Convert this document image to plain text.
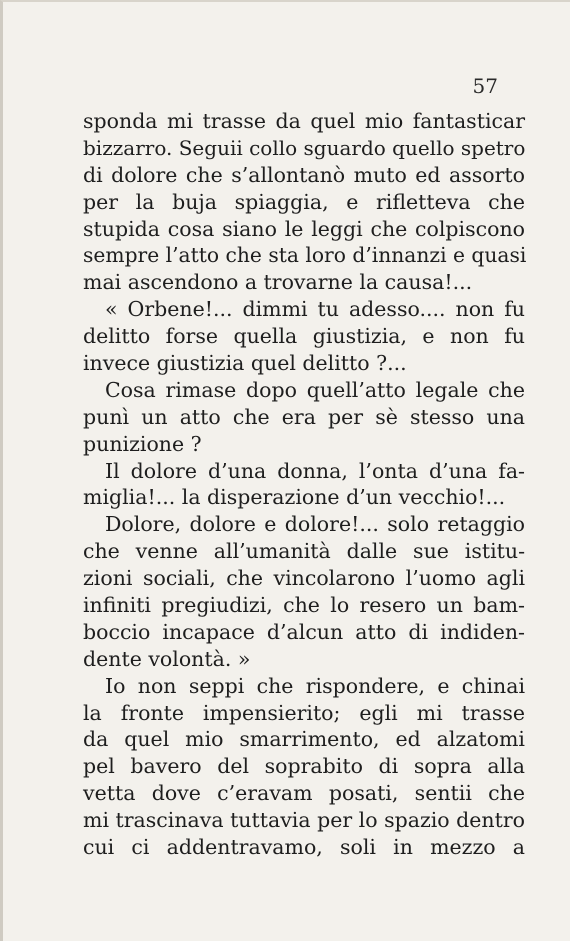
57
sponda mi trasse da quel mio fantasticar
bizzarro. Seguii collo sguardo quello spetro
di dolore che s’allontanò muto ed assorto
per la buja spiaggia, e rifletteva che
stupida cosa siano le leggi che colpiscono
sempre l’atto che sta loro d’innanzi e quasi
mai ascendono a trovarne la causa!...
« Orbene!... dimmi tu adesso.... non fu
delitto forse quella giustizia, e non fu
invece giustizia quel delitto ?...
Cosa rimase dopo quell’atto legale che
punì un atto che era per sè stesso una
punizione ?
Il dolore d’una donna, l’onta d’una fa-
miglia!... la disperazione d’un vecchio!...
Dolore, dolore e dolore!... solo retaggio
che venne all’umanità dalle sue istitu-
zioni sociali, che vincolarono l’uomo agli
infiniti pregiudizi, che lo resero un bam-
boccio incapace d’alcun atto di indiden-
dente volontà. »
Io non seppi che rispondere, e chinai
la fronte impensierito; egli mi trasse
da quel mio smarrimento, ed alzatomi
pel bavero del soprabito di sopra alla
vetta dove c’eravam posati, sentii che
mi trascinava tuttavia per lo spazio dentro
cui ci addentravamo, soli in mezzo a
